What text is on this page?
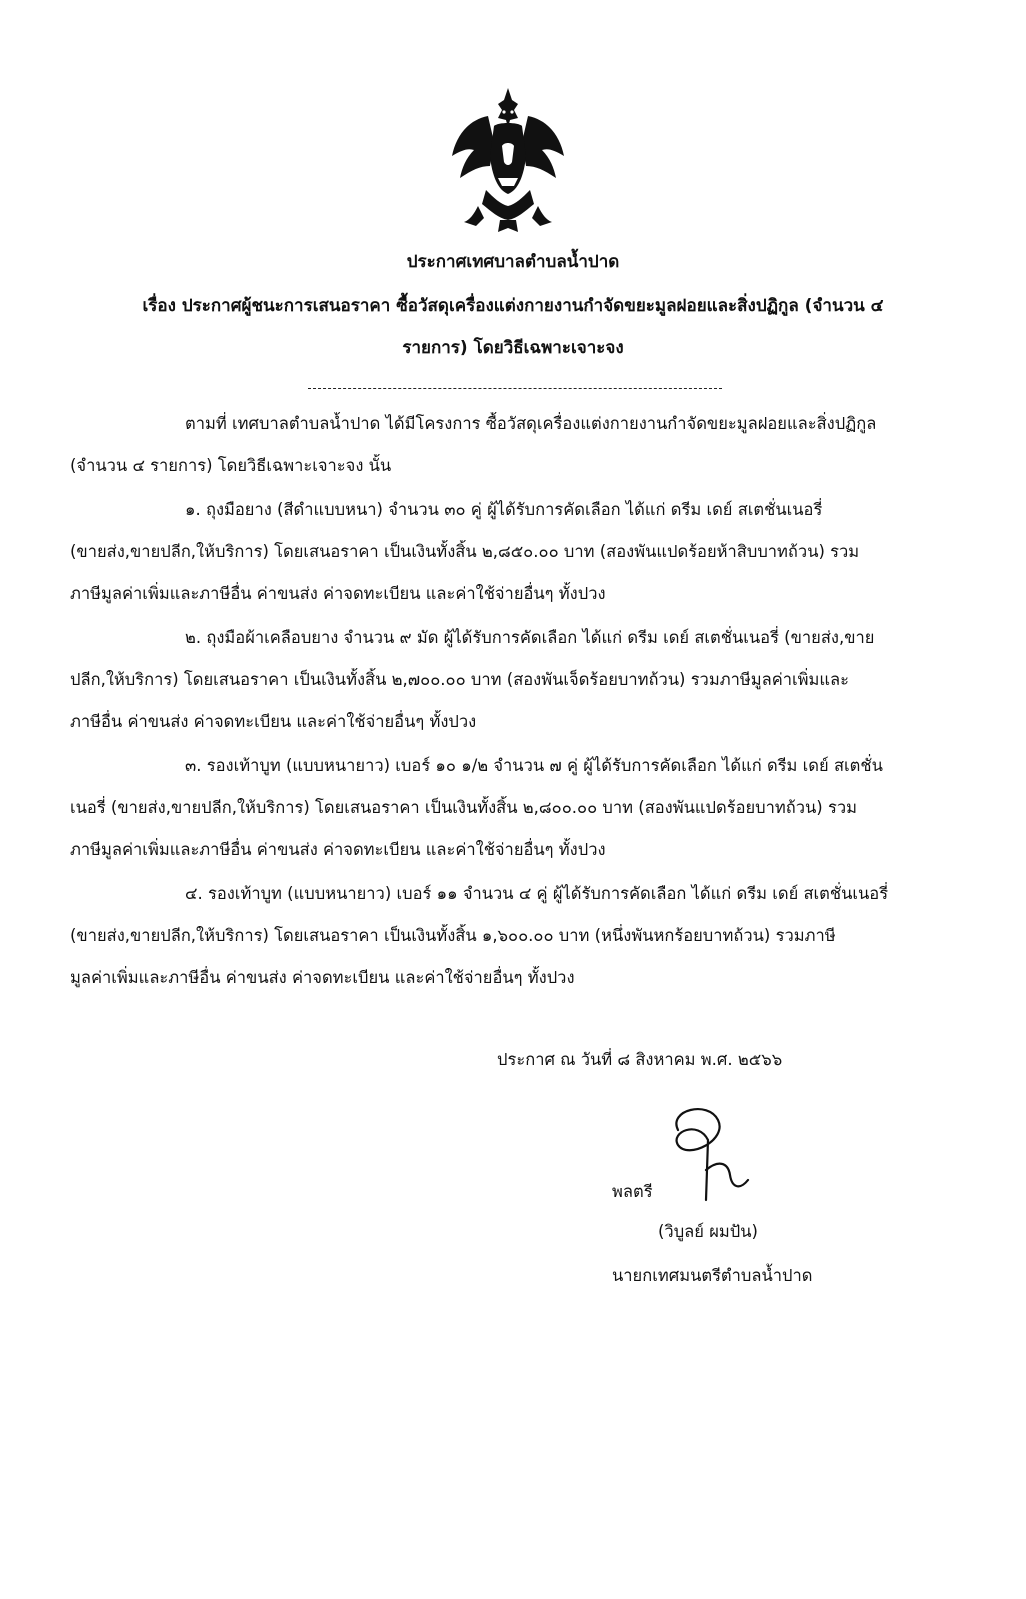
ประกาศเทศบาลตำบลน้ำปาด
เรื่อง ประกาศผู้ชนะการเสนอราคา ซื้อวัสดุเครื่องแต่งกายงานกำจัดขยะมูลฝอยและสิ่งปฏิกูล (จำนวน ๔
รายการ) โดยวิธีเฉพาะเจาะจง
ตามที่ เทศบาลตำบลน้ำปาด ได้มีโครงการ ซื้อวัสดุเครื่องแต่งกายงานกำจัดขยะมูลฝอยและสิ่งปฏิกูล
(จำนวน ๔ รายการ) โดยวิธีเฉพาะเจาะจง นั้น
๑. ถุงมือยาง (สีดำแบบหนา) จำนวน ๓๐ คู่ ผู้ได้รับการคัดเลือก ได้แก่ ดรีม เดย์ สเตชั่นเนอรี่
(ขายส่ง,ขายปลีก,ให้บริการ) โดยเสนอราคา เป็นเงินทั้งสิ้น ๒,๘๕๐.๐๐ บาท (สองพันแปดร้อยห้าสิบบาทถ้วน) รวม
ภาษีมูลค่าเพิ่มและภาษีอื่น ค่าขนส่ง ค่าจดทะเบียน และค่าใช้จ่ายอื่นๆ ทั้งปวง
๒. ถุงมือผ้าเคลือบยาง จำนวน ๙ มัด ผู้ได้รับการคัดเลือก ได้แก่ ดรีม เดย์ สเตชั่นเนอรี่ (ขายส่ง,ขาย
ปลีก,ให้บริการ) โดยเสนอราคา เป็นเงินทั้งสิ้น ๒,๗๐๐.๐๐ บาท (สองพันเจ็ดร้อยบาทถ้วน) รวมภาษีมูลค่าเพิ่มและ
ภาษีอื่น ค่าขนส่ง ค่าจดทะเบียน และค่าใช้จ่ายอื่นๆ ทั้งปวง
๓. รองเท้าบูท (แบบหนายาว) เบอร์ ๑๐ ๑/๒ จำนวน ๗ คู่ ผู้ได้รับการคัดเลือก ได้แก่ ดรีม เดย์ สเตชั่น
เนอรี่ (ขายส่ง,ขายปลีก,ให้บริการ) โดยเสนอราคา เป็นเงินทั้งสิ้น ๒,๘๐๐.๐๐ บาท (สองพันแปดร้อยบาทถ้วน) รวม
ภาษีมูลค่าเพิ่มและภาษีอื่น ค่าขนส่ง ค่าจดทะเบียน และค่าใช้จ่ายอื่นๆ ทั้งปวง
๔. รองเท้าบูท (แบบหนายาว) เบอร์ ๑๑ จำนวน ๔ คู่ ผู้ได้รับการคัดเลือก ได้แก่ ดรีม เดย์ สเตชั่นเนอรี่
(ขายส่ง,ขายปลีก,ให้บริการ) โดยเสนอราคา เป็นเงินทั้งสิ้น ๑,๖๐๐.๐๐ บาท (หนึ่งพันหกร้อยบาทถ้วน) รวมภาษี
มูลค่าเพิ่มและภาษีอื่น ค่าขนส่ง ค่าจดทะเบียน และค่าใช้จ่ายอื่นๆ ทั้งปวง
ประกาศ ณ วันที่ ๘ สิงหาคม พ.ศ. ๒๕๖๖
พลตรี
(วิบูลย์ ผมปัน)
นายกเทศมนตรีตำบลน้ำปาด
